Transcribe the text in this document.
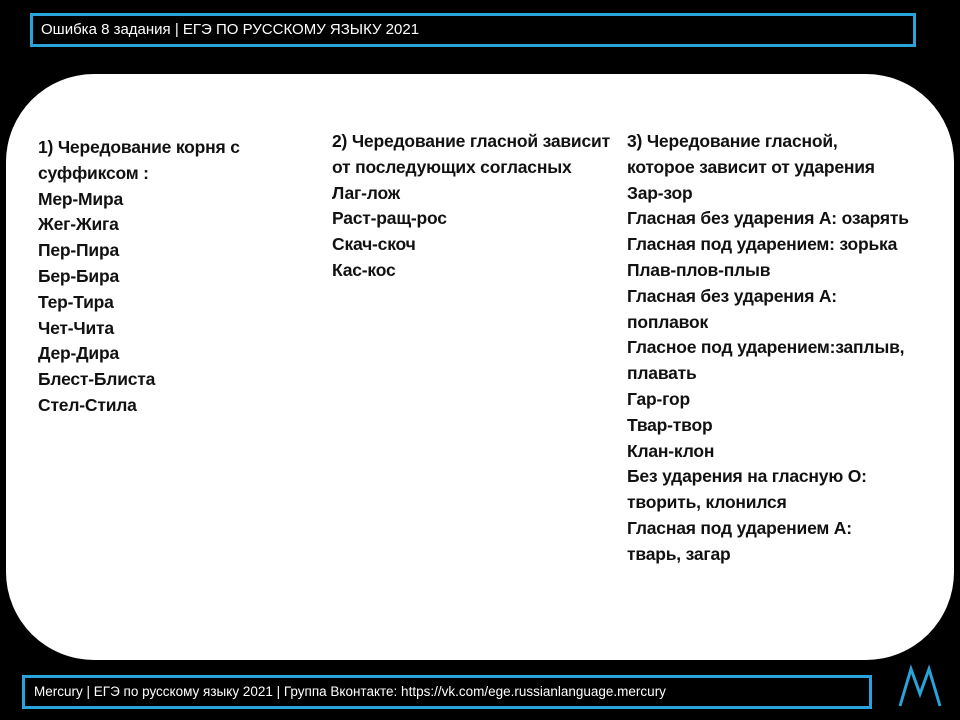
Ошибка 8 задания | ЕГЭ ПО РУССКОМУ ЯЗЫКУ 2021
1) Чередование корня с
суффиксом :
Мер-Мира
Жег-Жига
Пер-Пира
Бер-Бира
Тер-Тира
Чет-Чита
Дер-Дира
Блест-Блиста
Стел-Стила
2) Чередование гласной зависит
от последующих согласных
Лаг-лож
Раст-ращ-рос
Скач-скоч
Кас-кос
3) Чередование гласной,
которое зависит от ударения
Зар-зор
Гласная без ударения А: озарять
Гласная под ударением: зорька
Плав-плов-плыв
Гласная без ударения А:
поплавок
Гласное под ударением:заплыв,
плавать
Гар-гор
Твар-твор
Клан-клон
Без ударения на гласную О:
творить, клонился
Гласная под ударением А:
тварь, загар
Mercury | ЕГЭ по русскому языку 2021 | Группа Вконтакте: https://vk.com/ege.russianlanguage.mercury
